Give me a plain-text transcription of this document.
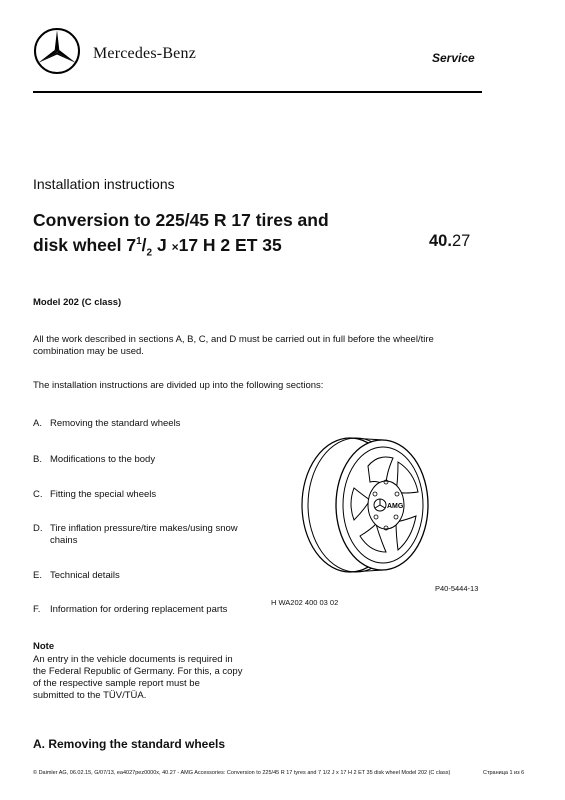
Mercedes-Benz	Service
Installation instructions
Conversion to 225/45 R 17 tires and
disk wheel $7^1/_2$ J ×17 H 2 ET 35	40.27
Model 202 (C class)
All the work described in sections A, B, C, and D must be carried out in full before the wheel/tire combination may be used.
The installation instructions are divided up into the following sections:
A. Removing the standard wheels
B. Modifications to the body
C. Fitting the special wheels
D. Tire inflation pressure/tire makes/using snow
chains
E. Technical details
F. Information for ordering replacement parts
AMG
P40-5444-13
H WA202 400 03 02
Note
An entry in the vehicle documents is required in the Federal Republic of Germany. For this, a copy of the respective sample report must be submitted to the TÜV/TÜA.
A. Removing the standard wheels
© Daimler AG, 06.02.15, G/07/13, ea4027pez0000x, 40.27 - AMG Accessories: Conversion to 225/45 R 17 tyres and 7 1/2 J x 17 H 2 ET 35 disk wheel Model 202 (C class)	Страница 1 из 6
